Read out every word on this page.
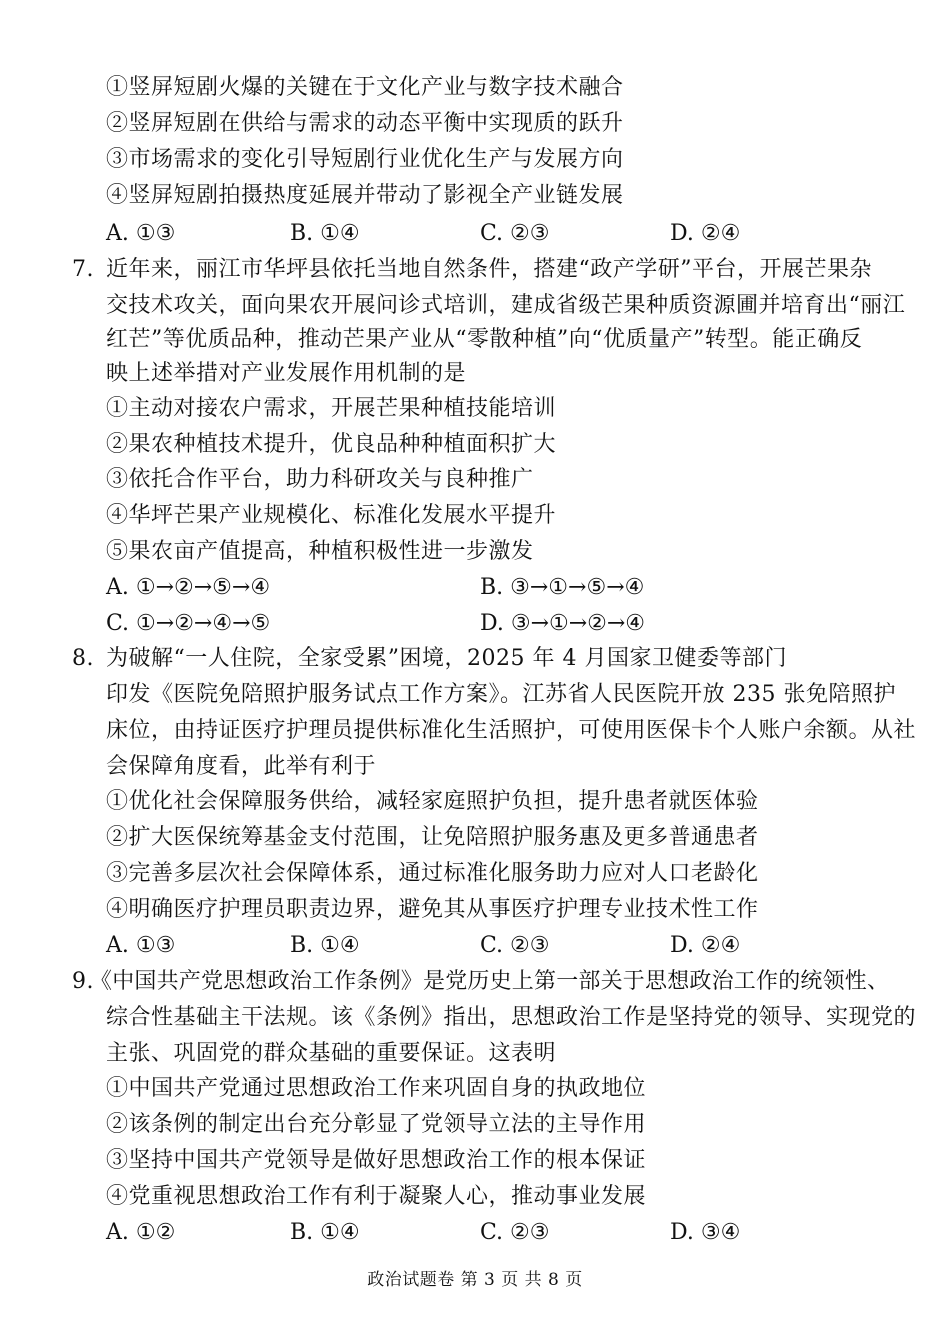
①竖屏短剧火爆的关键在于文化产业与数字技术融合
②竖屏短剧在供给与需求的动态平衡中实现质的跃升
③市场需求的变化引导短剧行业优化生产与发展方向
④竖屏短剧拍摄热度延展并带动了影视全产业链发展
A. ①③	B. ①④	C. ②③	D. ②④
7. 近年来，丽江市华坪县依托当地自然条件，搭建“政产学研”平台，开展芒果杂
交技术攻关，面向果农开展问诊式培训，建成省级芒果种质资源圃并培育出“丽江
红芒”等优质品种，推动芒果产业从“零散种植”向“优质量产”转型。能正确反
映上述举措对产业发展作用机制的是
①主动对接农户需求，开展芒果种植技能培训
②果农种植技术提升，优良品种种植面积扩大
③依托合作平台，助力科研攻关与良种推广
④华坪芒果产业规模化、标准化发展水平提升
⑤果农亩产值提高，种植积极性进一步激发
A. ①→②→⑤→④	B. ③→①→⑤→④
C. ①→②→④→⑤	D. ③→①→②→④
8. 为破解“一人住院，全家受累”困境，2025 年 4 月国家卫健委等部门
印发《医院免陪照护服务试点工作方案》。江苏省人民医院开放 235 张免陪照护
床位，由持证医疗护理员提供标准化生活照护，可使用医保卡个人账户余额。从社
会保障角度看，此举有利于
①优化社会保障服务供给，减轻家庭照护负担，提升患者就医体验
②扩大医保统筹基金支付范围，让免陪照护服务惠及更多普通患者
③完善多层次社会保障体系，通过标准化服务助力应对人口老龄化
④明确医疗护理员职责边界，避免其从事医疗护理专业技术性工作
A. ①③	B. ①④	C. ②③	D. ②④
9.
《中国共产党思想政治工作条例》是党历史上第一部关于思想政治工作的统领性、
综合性基础主干法规。该《条例》指出，思想政治工作是坚持党的领导、实现党的
主张、巩固党的群众基础的重要保证。这表明
①中国共产党通过思想政治工作来巩固自身的执政地位
②该条例的制定出台充分彰显了党领导立法的主导作用
③坚持中国共产党领导是做好思想政治工作的根本保证
④党重视思想政治工作有利于凝聚人心，推动事业发展
A. ①②	B. ①④	C. ②③	D. ③④
政治试题卷 第 3 页 共 8 页
